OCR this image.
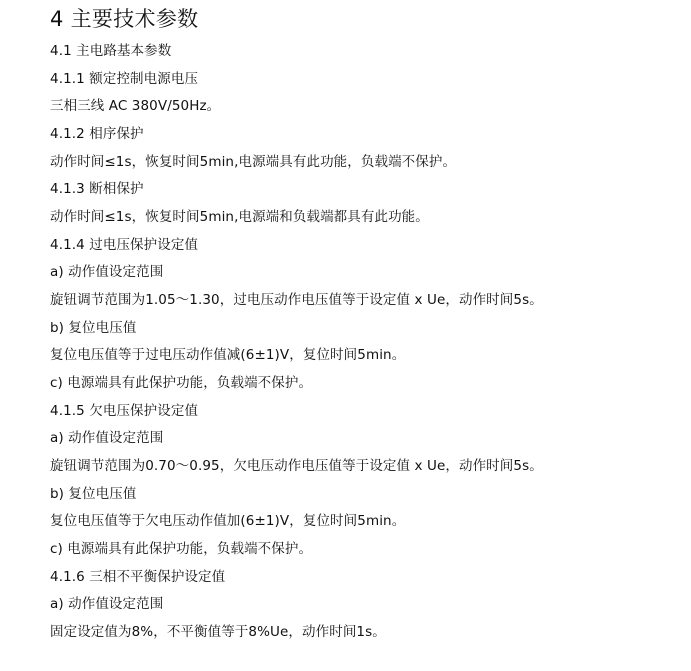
4 主要技术参数
4.1 主电路基本参数
4.1.1 额定控制电源电压
三相三线 AC 380V/50Hz。
4.1.2 相序保护
动作时间≤1s，恢复时间5min,电源端具有此功能，负载端不保护。
4.1.3 断相保护
动作时间≤1s，恢复时间5min,电源端和负载端都具有此功能。
4.1.4 过电压保护设定值
a) 动作值设定范围
旋钮调节范围为1.05～1.30，过电压动作电压值等于设定值 x Ue，动作时间5s。
b) 复位电压值
复位电压值等于过电压动作值减(6±1)V，复位时间5min。
c) 电源端具有此保护功能，负载端不保护。
4.1.5 欠电压保护设定值
a) 动作值设定范围
旋钮调节范围为0.70～0.95，欠电压动作电压值等于设定值 x Ue，动作时间5s。
b) 复位电压值
复位电压值等于欠电压动作值加(6±1)V，复位时间5min。
c) 电源端具有此保护功能，负载端不保护。
4.1.6 三相不平衡保护设定值
a) 动作值设定范围
固定设定值为8%，不平衡值等于8%Ue，动作时间1s。
